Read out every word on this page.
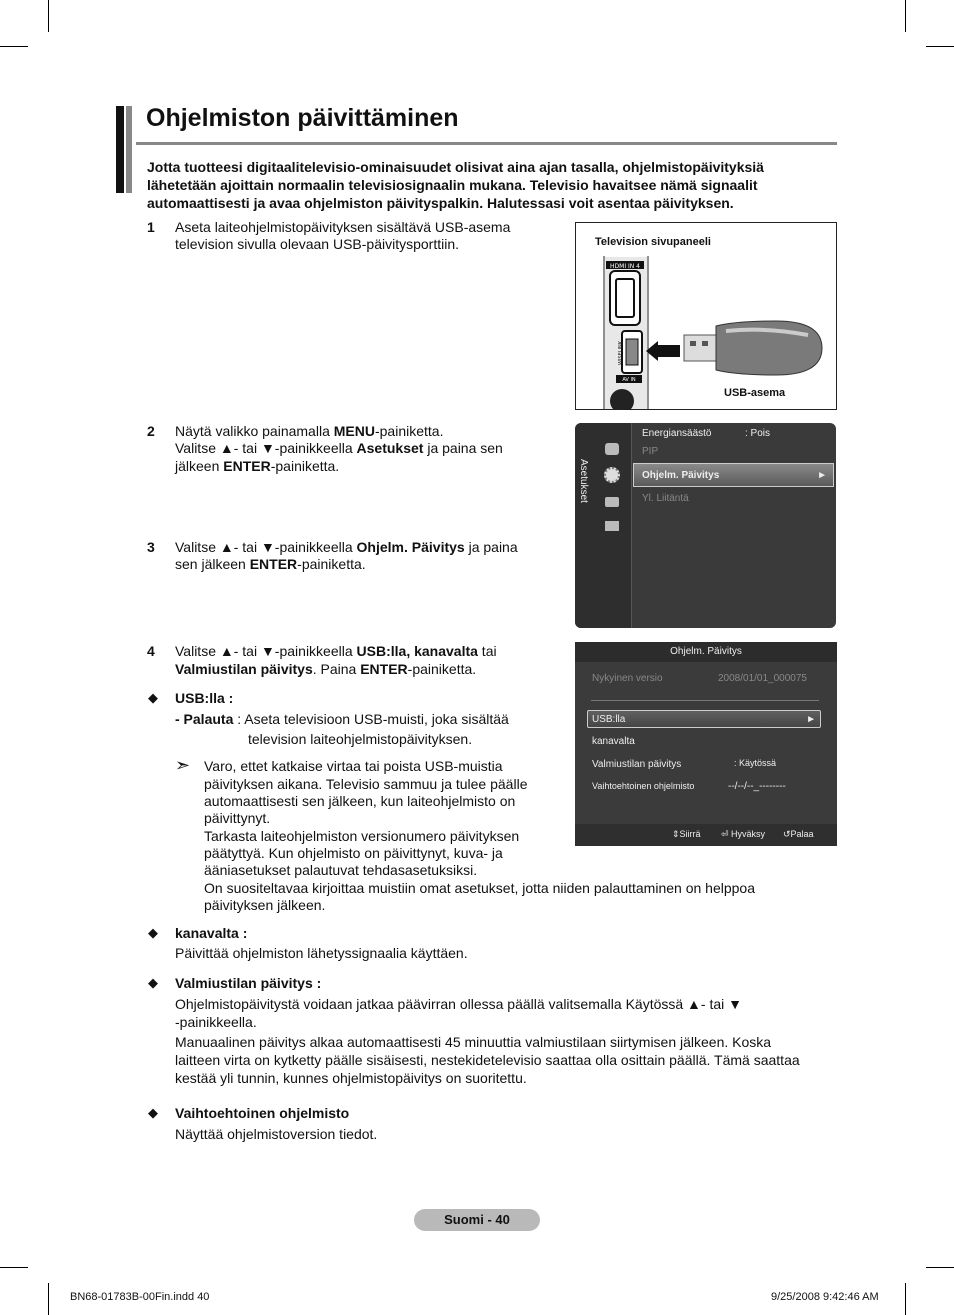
Ohjelmiston päivittäminen
Jotta tuotteesi digitaalitelevisio-ominaisuudet olisivat aina ajan tasalla, ohjelmistopäivityksiä lähetetään ajoittain normaalin televisiosignaalin mukana. Televisio havaitsee nämä signaalit automaattisesti ja avaa ohjelmiston päivityspalkin. Halutessasi voit asentaa päivityksen.
1 Aseta laiteohjelmistopäivityksen sisältävä USB-asema
television sivulla olevaan USB-päivitysporttiin.	Television sivupaneeli
HDMI IN 4
WISELINK
AV IN
USB-asema
2 Näytä valikko painamalla MENU-painiketta.
Valitse ▲- tai ▼-painikkeella Asetukset ja paina sen
jälkeen ENTER-painiketta.	Asetukset
Energiansäästö	: Pois
PIP
Ohjelm. Päivitys	►
Yl. Liitäntä
3 Valitse ▲- tai ▼-painikkeella Ohjelm. Päivitys ja paina
sen jälkeen ENTER-painiketta.
4 Valitse ▲- tai ▼-painikkeella USB:lla, kanavalta tai
Valmiustilan päivitys. Paina ENTER-painiketta.
Ohjelm. Päivitys
Nykyinen versio	2008/01/01_000075
USB:lla	►
kanavalta
Valmiustilan päivitys	: Käytössä
Vaihtoehtoinen ohjelmisto	--/--/--_--------
⇕Siirrä ⏎ Hyväksy ↺Palaa
◆ USB:lla :
- Palauta : Aseta televisioon USB-muisti, joka sisältää
television laiteohjelmistopäivityksen.
➣ Varo, ettet katkaise virtaa tai poista USB-muistia
päivityksen aikana. Televisio sammuu ja tulee päälle
automaattisesti sen jälkeen, kun laiteohjelmisto on
päivittynyt.
Tarkasta laiteohjelmiston versionumero päivityksen
päätyttyä. Kun ohjelmisto on päivittynyt, kuva- ja
ääniasetukset palautuvat tehdasasetuksiksi.
On suositeltavaa kirjoittaa muistiin omat asetukset, jotta niiden palauttaminen on helppoa
päivityksen jälkeen.
◆ kanavalta :
Päivittää ohjelmiston lähetyssignaalia käyttäen.
◆ Valmiustilan päivitys :
Ohjelmistopäivitystä voidaan jatkaa päävirran ollessa päällä valitsemalla Käytössä ▲- tai ▼
-painikkeella.
Manuaalinen päivitys alkaa automaattisesti 45 minuuttia valmiustilaan siirtymisen jälkeen. Koska
laitteen virta on kytketty päälle sisäisesti, nestekidetelevisio saattaa olla osittain päällä. Tämä saattaa
kestää yli tunnin, kunnes ohjelmistopäivitys on suoritettu.
◆ Vaihtoehtoinen ohjelmisto
Näyttää ohjelmistoversion tiedot.
Suomi - 40
BN68-01783B-00Fin.indd 40	9/25/2008 9:42:46 AM
